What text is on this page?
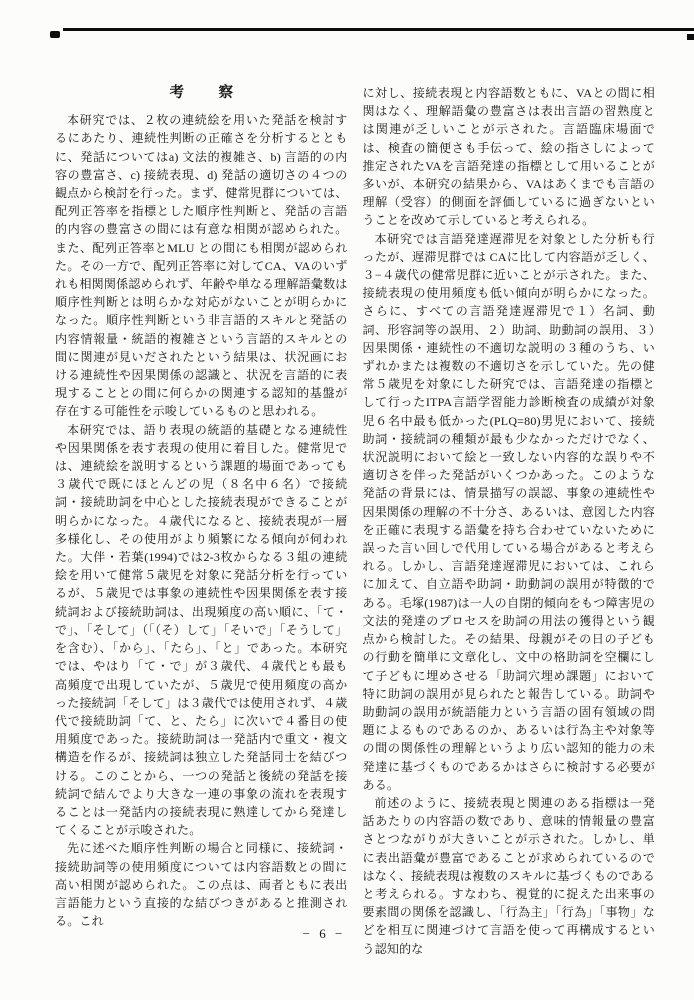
考　察

本研究では、２枚の連続絵を用いた発話を検討するにあたり、連続性判断の正確さを分析するとともに、発話についてはa) 文法的複雑さ、b) 言語的の内容の豊富さ、c) 接続表現、d) 発話の適切さの４つの観点から検討を行った。まず、健常児群については、配列正答率を指標とした順序性判断と、発話の言語的内容の豊富さの間には有意な相関が認められた。また、配列正答率とMLU との間にも相関が認められた。その一方で、配列正答率に対してCA、VAのいずれも相関関係認められず、年齢や単なる理解語彙数は順序性判断とは明らかな対応がないことが明らかになった。順序性判断という非言語的スキルと発話の内容情報量・統語的複雑さという言語的スキルとの間に関連が見いだされたという結果は、状況画における連続性や因果関係の認識と、状況を言語的に表現することとの間に何らかの関連する認知的基盤が存在する可能性を示唆しているものと思われる。

本研究では、語り表現の統語的基礎となる連続性や因果関係を表す表現の使用に着目した。健常児では、連続絵を説明するという課題的場面であっても３歳代で既にほとんどの児（８名中６名）で接続詞・接続助詞を中心とした接続表現ができることが明らかになった。４歳代になると、接続表現が一層多様化し、その使用がより頻繁になる傾向が伺われた。大伴・若葉(1994)では2-3枚からなる３組の連続絵を用いて健常５歳児を対象に発話分析を行っているが、５歳児では事象の連続性や因果関係を表す接続詞および接続助詞は、出現頻度の高い順に、「て・で」、「そして」（「（そ）して」「そいで」「そうして」を含む）、「から」、「たら」、「と」であった。本研究では、やはり「て・で」が３歳代、４歳代とも最も高頻度で出現していたが、５歳児で使用頻度の高かった接続詞「そして」は３歳代では使用されず、４歳代で接続助詞「て、と、たら」に次いで４番目の使用頻度であった。接続助詞は一発話内で重文・複文構造を作るが、接続詞は独立した発話同士を結びつける。このことから、一つの発話と後続の発話を接続詞で結んでより大きな一連の事象の流れを表現することは一発話内の接続表現に熟達してから発達してくることが示唆された。

先に述べた順序性判断の場合と同様に、接続詞・接続助詞等の使用頻度については内容語数との間に高い相関が認められた。この点は、両者ともに表出言語能力という直接的な結びつきがあると推測される。これ

に対し、接続表現と内容語数ともに、VAとの間に相関はなく、理解語彙の豊富さは表出言語の習熟度とは関連が乏しいことが示された。言語臨床場面では、検査の簡便さも手伝って、絵の指さしによって推定されたVAを言語発達の指標として用いることが多いが、本研究の結果から、VAはあくまでも言語の理解（受容）的側面を評価しているに過ぎないということを改めて示していると考えられる。

本研究では言語発達遅滞児を対象とした分析も行ったが、遅滞児群では CAに比して内容語が乏しく、３−４歳代の健常児群に近いことが示された。また、接続表現の使用頻度も低い傾向が明らかになった。さらに、すべての言語発達遅滞児で１）名詞、動詞、形容詞等の誤用、２）助詞、助動詞の誤用、３）因果関係・連続性の不適切な説明の３種のうち、いずれかまたは複数の不適切さを示していた。先の健常５歳児を対象にした研究では、言語発達の指標として行ったITPA言語学習能力診断検査の成績が対象児６名中最も低かった(PLQ=80)男児において、接続助詞・接続詞の種類が最も少なかっただけでなく、状況説明において絵と一致しない内容的な誤りや不適切さを伴った発話がいくつかあった。このような発話の背景には、情景描写の誤認、事象の連続性や因果関係の理解の不十分さ、あるいは、意図した内容を正確に表現する語彙を持ち合わせていないために誤った言い回しで代用している場合があると考えられる。しかし、言語発達遅滞児においては、これらに加えて、自立語や助詞・助動詞の誤用が特徴的である。毛塚(1987)は一人の自閉的傾向をもつ障害児の文法的発達のプロセスを助詞の用法の獲得という観点から検討した。その結果、母親がその日の子どもの行動を簡単に文章化し、文中の格助詞を空欄にして子どもに埋めさせる「助詞穴埋め課題」において特に助詞の誤用が見られたと報告している。助詞や助動詞の誤用が統語能力という言語の固有領域の問題によるものであるのか、あるいは行為主や対象等の間の関係性の理解というより広い認知的能力の未発達に基づくものであるかはさらに検討する必要がある。

前述のように、接続表現と関連のある指標は一発話あたりの内容語の数であり、意味的情報量の豊富さとつながりが大きいことが示された。しかし、単に表出語彙が豊富であることが求められているのではなく、接続表現は複数のスキルに基づくものであると考えられる。すなわち、視覚的に捉えた出来事の要素間の関係を認識し、「行為主」「行為」「事物」などを相互に関連づけて言語を使って再構成するという認知的な

− 6 −
